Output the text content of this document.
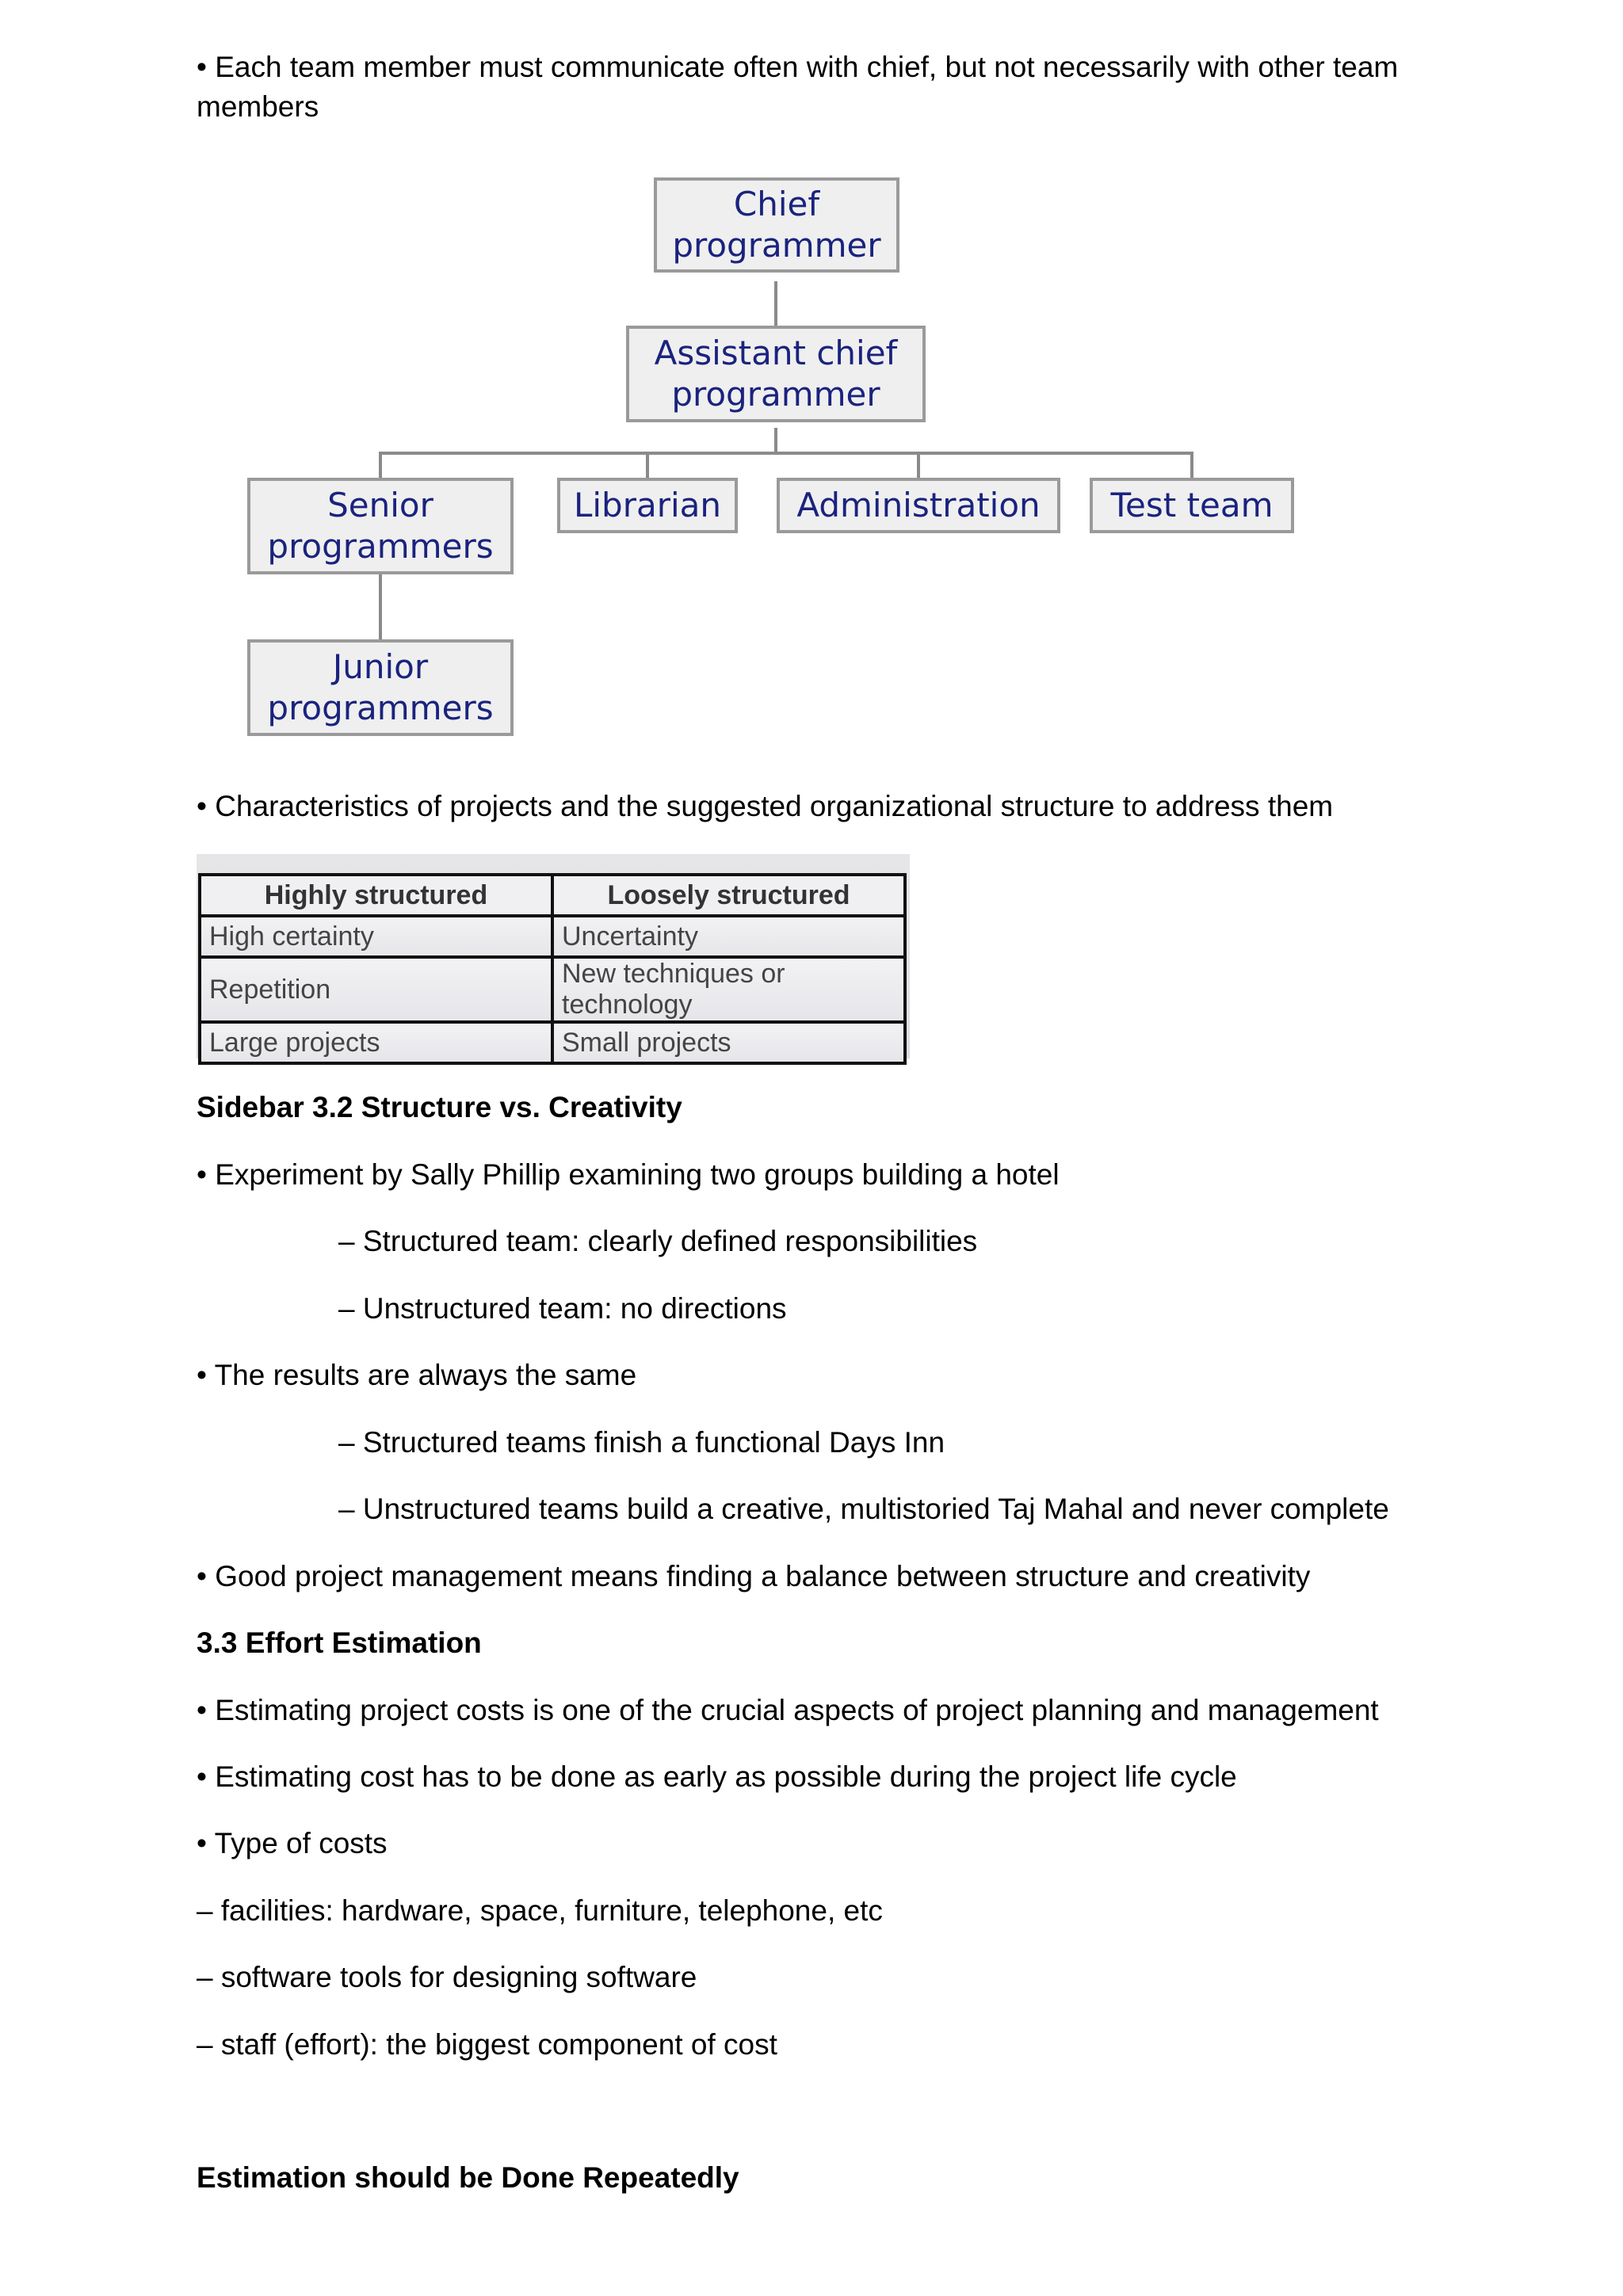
• Each team member must communicate often with chief, but not necessarily with other team
members
Chief
programmer
Assistant chief
programmer
Senior
programmers
Librarian Administration Test team
Junior
programmers
• Characteristics of projects and the suggested organizational structure to address them
Highly structured	Loosely structured
High certainty	Uncertainty
Repetition	New techniques or technology
Large projects	Small projects
Sidebar 3.2 Structure vs. Creativity
• Experiment by Sally Phillip examining two groups building a hotel
– Structured team: clearly defined responsibilities
– Unstructured team: no directions
• The results are always the same
– Structured teams finish a functional Days Inn
– Unstructured teams build a creative, multistoried Taj Mahal and never complete
• Good project management means finding a balance between structure and creativity
3.3 Effort Estimation
• Estimating project costs is one of the crucial aspects of project planning and management
• Estimating cost has to be done as early as possible during the project life cycle
• Type of costs
– facilities: hardware, space, furniture, telephone, etc
– software tools for designing software
– staff (effort): the biggest component of cost
Estimation should be Done Repeatedly
